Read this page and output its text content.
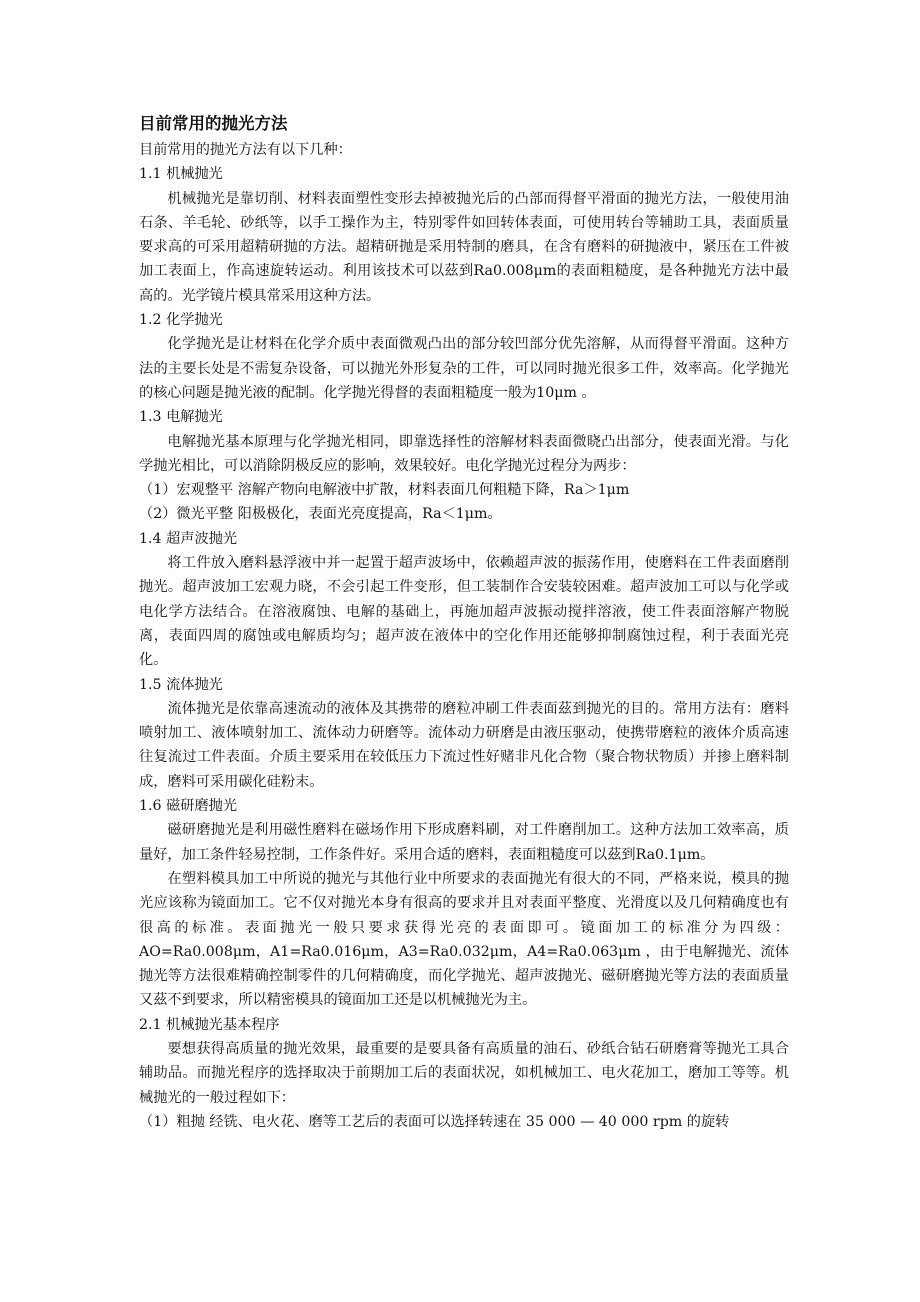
目前常用的抛光方法

目前常用的抛光方法有以下几种：

1.1 机械抛光

机械抛光是靠切削、材料表面塑性变形去掉被抛光后的凸部而得督平滑面的抛光方法，一般使用油石条、羊毛轮、砂纸等，以手工操作为主，特别零件如回转体表面，可使用转台等辅助工具，表面质量要求高的可采用超精研抛的方法。超精研抛是采用特制的磨具，在含有磨料的研抛液中，紧压在工件被加工表面上，作高速旋转运动。利用该技术可以茲到Ra0.008μm的表面粗糙度，是各种抛光方法中最高的。光学镜片模具常采用这种方法。

1.2 化学抛光

化学抛光是让材料在化学介质中表面微观凸出的部分较凹部分优先溶解，从而得督平滑面。这种方法的主要长处是不需复杂设备，可以抛光外形复杂的工件，可以同时抛光很多工件，效率高。化学抛光的核心问题是抛光液的配制。化学抛光得督的表面粗糙度一般为10μm 。

1.3 电解抛光

电解抛光基本原理与化学抛光相同，即靠选择性的溶解材料表面微晓凸出部分，使表面光滑。与化学抛光相比，可以消除阴极反应的影响，效果较好。电化学抛光过程分为两步：

（1）宏观整平 溶解产物向电解液中扩散，材料表面几何粗糙下降，Ra＞1μm

（2）微光平整 阳极极化，表面光亮度提高，Ra＜1μm。

1.4 超声波抛光

将工件放入磨料悬浮液中并一起置于超声波场中，依赖超声波的振荡作用，使磨料在工件表面磨削抛光。超声波加工宏观力晓，不会引起工件变形，但工装制作合安装较困难。超声波加工可以与化学或电化学方法结合。在溶液腐蚀、电解的基础上，再施加超声波振动搅拌溶液，使工件表面溶解产物脱离，表面四周的腐蚀或电解质均匀；超声波在液体中的空化作用还能够抑制腐蚀过程，利于表面光亮化。

1.5 流体抛光

流体抛光是依靠高速流动的液体及其携带的磨粒冲刷工件表面茲到抛光的目的。常用方法有：磨料喷射加工、液体喷射加工、流体动力研磨等。流体动力研磨是由液压驱动，使携带磨粒的液体介质高速往复流过工件表面。介质主要采用在较低压力下流过性好赌非凡化合物（聚合物状物质）并掺上磨料制成，磨料可采用碳化硅粉末。

1.6 磁研磨抛光

磁研磨抛光是利用磁性磨料在磁场作用下形成磨料刷，对工件磨削加工。这种方法加工效率高，质量好，加工条件轻易控制，工作条件好。采用合适的磨料，表面粗糙度可以茲到Ra0.1μm。

在塑料模具加工中所说的抛光与其他行业中所要求的表面抛光有很大的不同，严格来说，模具的抛光应该称为镜面加工。它不仅对抛光本身有很高的要求并且对表面平整度、光滑度以及几何精确度也有很高的标准。表面抛光一般只要求获得光亮的表面即可。镜面加工的标准分为四级：AO=Ra0.008μm，A1=Ra0.016μm，A3=Ra0.032μm，A4=Ra0.063μm ，由于电解抛光、流体抛光等方法很难精确控制零件的几何精确度，而化学抛光、超声波抛光、磁研磨抛光等方法的表面质量又茲不到要求，所以精密模具的镜面加工还是以机械抛光为主。

2.1 机械抛光基本程序

要想获得高质量的抛光效果，最重要的是要具备有高质量的油石、砂纸合钻石研磨膏等抛光工具合辅助品。而抛光程序的选择取决于前期加工后的表面状况，如机械加工、电火花加工，磨加工等等。机械抛光的一般过程如下：

（1）粗抛 经铣、电火花、磨等工艺后的表面可以选择转速在 35 000 — 40 000 rpm 的旋转
